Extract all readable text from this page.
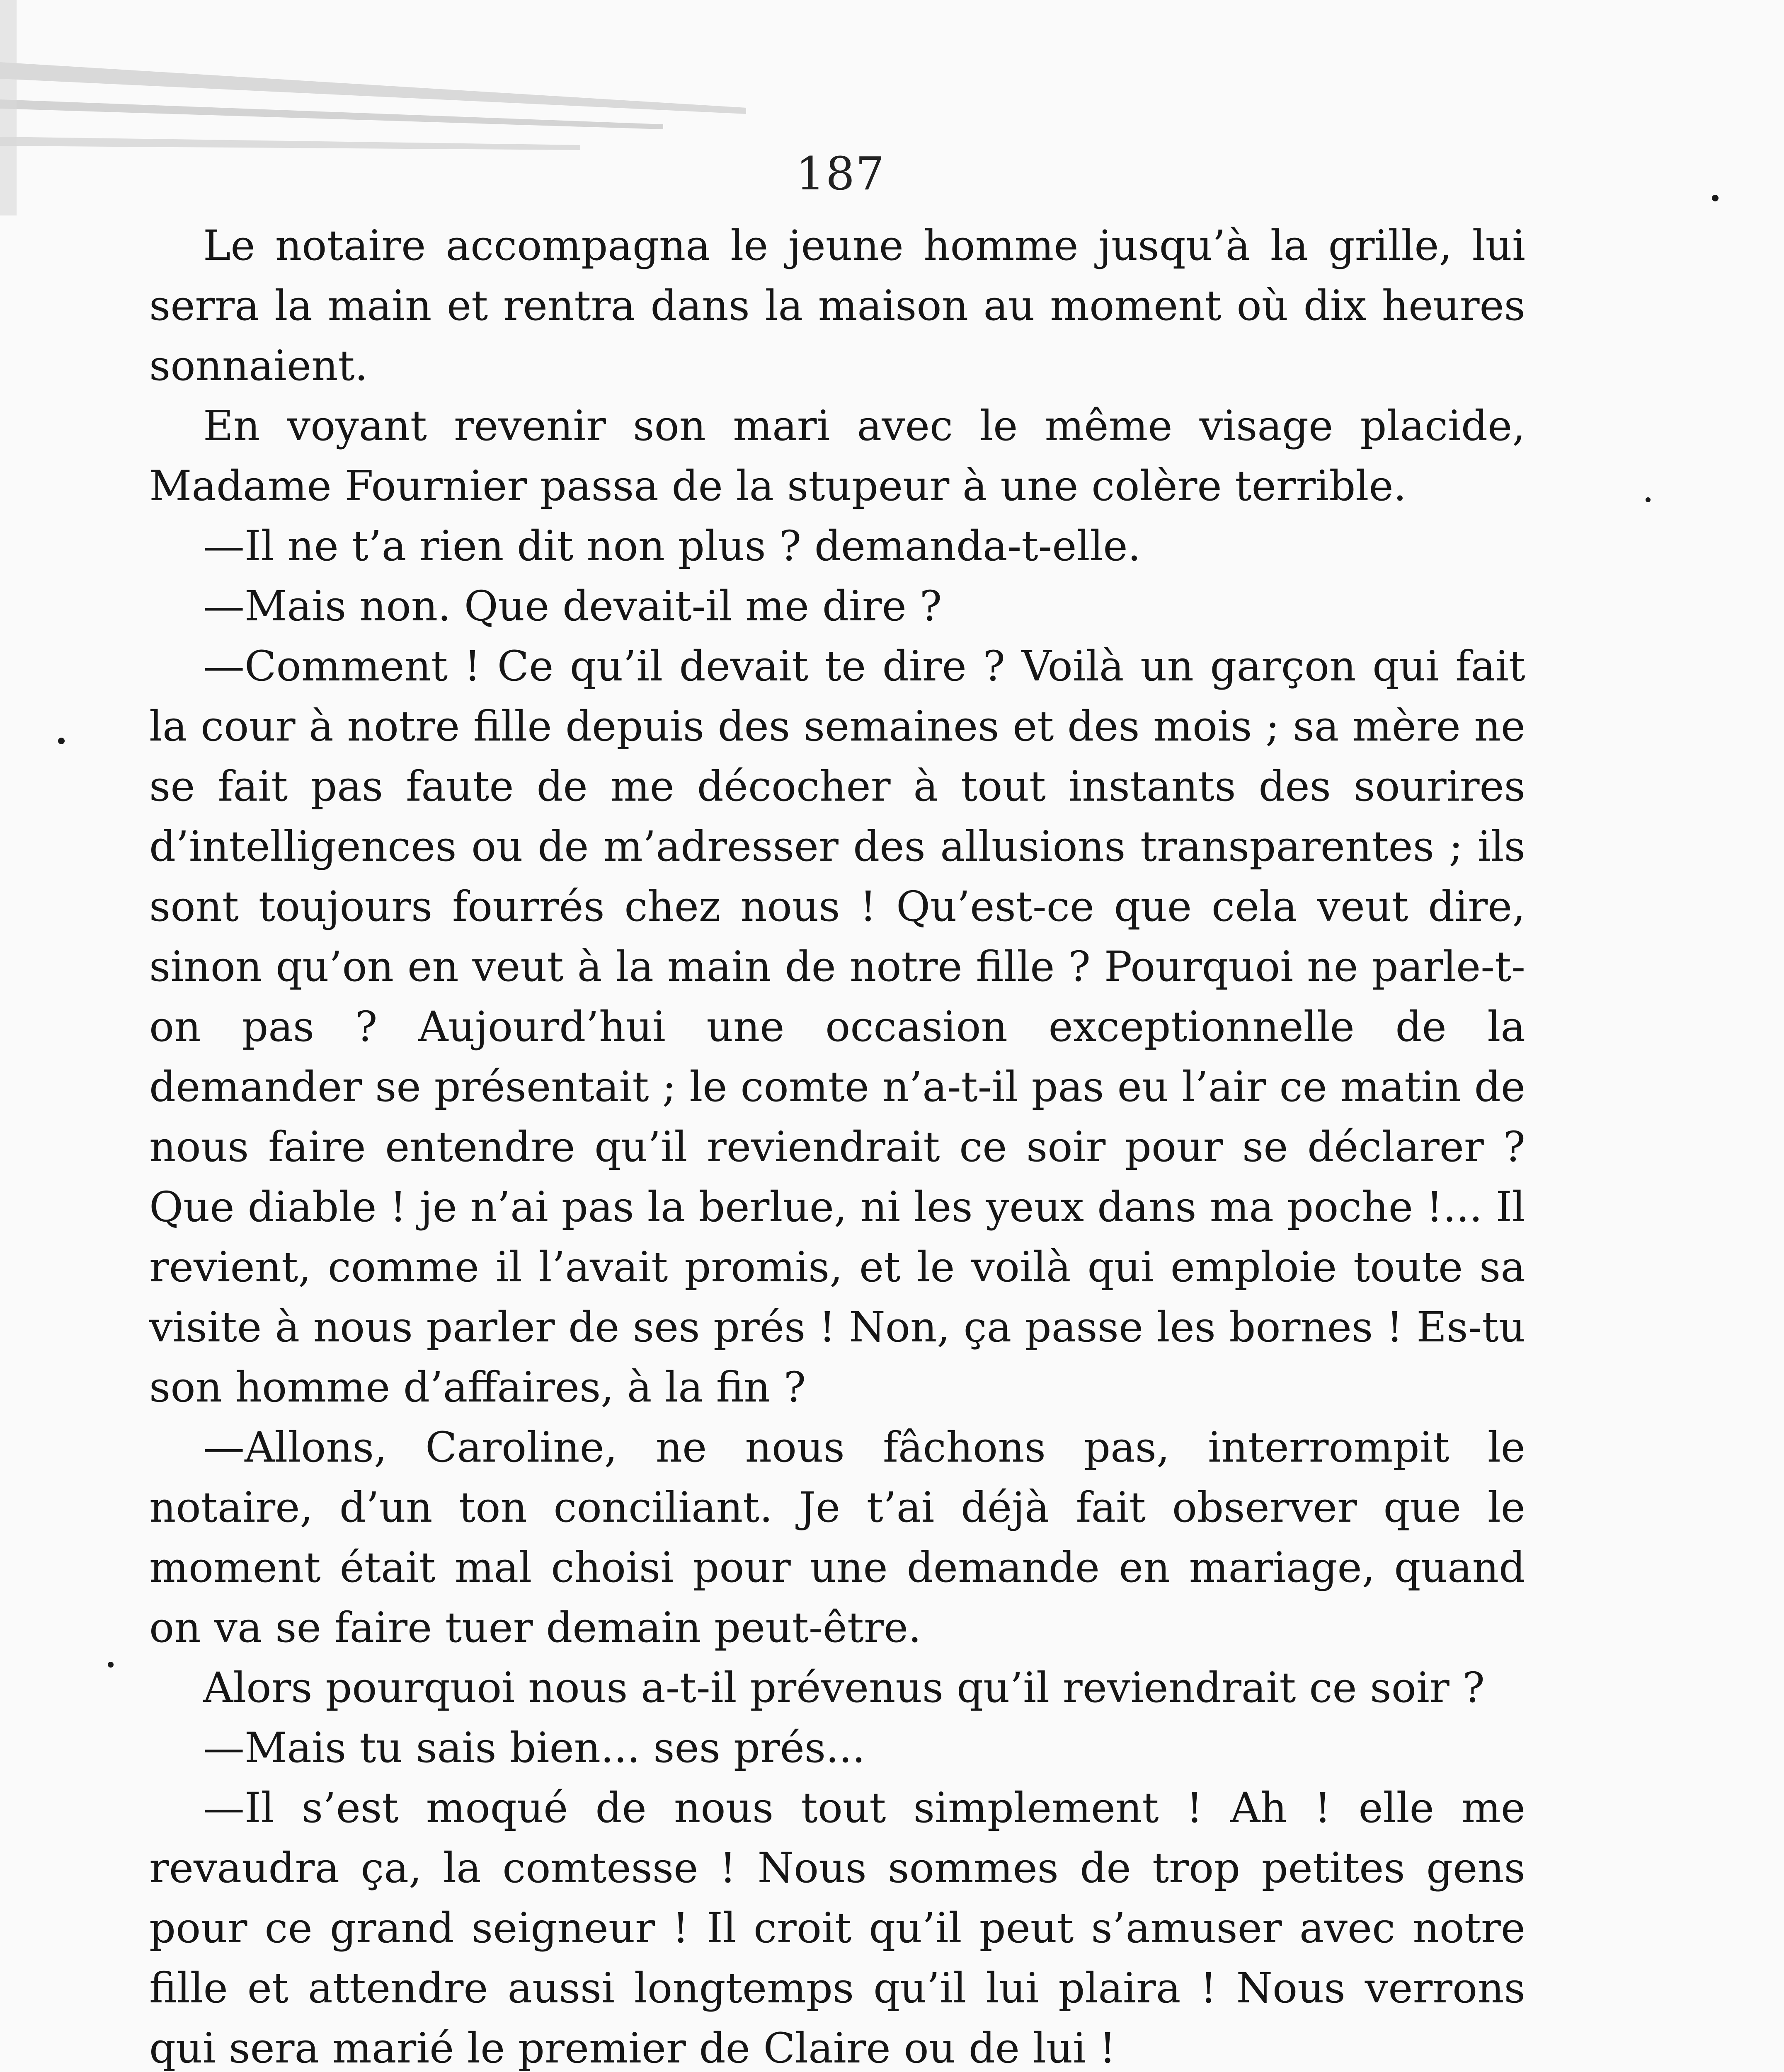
187

Le notaire accompagna le jeune homme jusqu’à la grille, lui serra la main et rentra dans la maison au moment où dix heures sonnaient.

En voyant revenir son mari avec le même visage placide, Madame Fournier passa de la stupeur à une colère terrible.

—Il ne t’a rien dit non plus ? demanda-t-elle.

—Mais non. Que devait-il me dire ?

—Comment ! Ce qu’il devait te dire ? Voilà un garçon qui fait la cour à notre fille depuis des semaines et des mois ; sa mère ne se fait pas faute de me décocher à tout instants des sourires d’intelligences ou de m’adresser des allusions transparentes ; ils sont toujours fourrés chez nous ! Qu’est-ce que cela veut dire, sinon qu’on en veut à la main de notre fille ? Pourquoi ne parle-t-on pas ? Aujourd’hui une occasion exceptionnelle de la demander se présentait ; le comte n’a-t-il pas eu l’air ce matin de nous faire entendre qu’il reviendrait ce soir pour se déclarer ? Que diable ! je n’ai pas la berlue, ni les yeux dans ma poche !... Il revient, comme il l’avait promis, et le voilà qui emploie toute sa visite à nous parler de ses prés ! Non, ça passe les bornes ! Es-tu son homme d’affaires, à la fin ?

—Allons, Caroline, ne nous fâchons pas, interrompit le notaire, d’un ton conciliant. Je t’ai déjà fait observer que le moment était mal choisi pour une demande en mariage, quand on va se faire tuer demain peut-être.

Alors pourquoi nous a-t-il prévenus qu’il reviendrait ce soir ?

—Mais tu sais bien... ses prés...

—Il s’est moqué de nous tout simplement ! Ah ! elle me revaudra ça, la comtesse ! Nous sommes de trop petites gens pour ce grand seigneur ! Il croit qu’il peut s’amuser avec notre fille et attendre aussi longtemps qu’il lui plaira ! Nous verrons qui sera marié le premier de Claire ou de lui !
